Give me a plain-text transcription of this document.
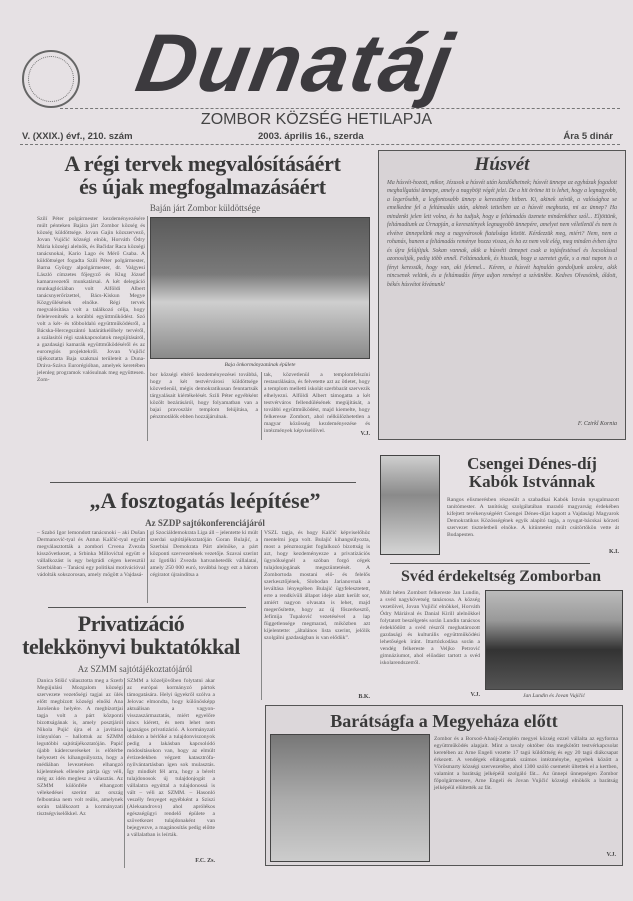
Dunatáj
ZOMBOR KÖZSÉG HETILAPJA
V. (XXIX.) évf., 210. szám	2003. április 16., szerda	Ára 5 dinár
A régi tervek megvalósításáért
és újak megfogalmazásáért
Baján járt Zombor küldöttsége
Szilí Péter polgármester kezdeményezésére múlt pénteken Bajára járt Zombor község és község küldöttsége. Jovan Gajin közszervező, Jovan Vujičić községi elnök, Horváth Ódry Mária községi alelnök, és Bačidar Raca községi tanácsnokai, Kario Lago és Mérő Csaba. A küldöttséget fogadta Szili Péter polgármester, Barna György alpolgármester, dr. Valgyesi László címzetes főjegyző és Klug József kamaravezetői munkatársai. A két delegáció munkaglóciában volt Alföldi Albert tanácsnyerőrizettel, Bács-Kiskun Megye Közgyűlésének elnöke. Régi tervek megvalósítása volt a találkozó célja, hogy felelevenítsék a korábbi együttműködést. Szó volt a két- és többoldalú együttműködésről, a Bácska-Hercegszántó határátkelőhely tervéről, a szálasítói régi szakkapcsolatok megújításáról, a gazdasági kamarák együttműködéséről és az euroregiós projektekről. Jovan Vujičić tájékoztatta Baja szakmai területeit a Duna-Dráva-Száva Eurorégióban, amelyek keretében jelenleg programok valósulnak meg együttesen. Zom-
Baja önkormányzatának épülete
bor községi eltérő kezdeményezései továbbá, hogy a két testvérvárosi küldöttsége közvetlenül, mégis demokratikusan fenntartsák tárgyalásait kiértékelését. Szili Péter egyébként közölt bezárásáról, hogy folyamatban van a bajai pravoszláv templom felújítása, a pénzmotálók ebben hozzájárulnak.
tak, közvetlenül a templomfelszíni restaurálására, és felvetette azt az ötletet, hogy a templom melletti iskolát szerbbarát szervezik elhelyezni. Alföldi Albert támogatta a két testvérváros fellendülésének megújítását, a további együttműködést, majd kiemelte, hogy felkeresse Zombort, ahol nélkülözhetetlen a magyar közösség kezdeményezése és intézmények képviselőivel.	V.J.
Húsvét
Ma húsvét-hozott, mikor, Jézusok a húsvét után kezdődhetnek; húsvét ünnepe az egyházak fogadott meghallgatási ünnepe, amely a nagyböjt végét jelzi. De a hit öröme itt is lehet, hogy a legnagyobb, a legerősebb, a legfontosabb ünnep a keresztény hitben. Ki, akinek szívük, a valósághoz se emelkedne fel a feltámadás után, akinek tetteiben az a húsvét meghozta, mi az ünnep? Ha mindenki jelen lett volna, és ha tudjuk, hogy a feltámadás üzenete mindenkihez szól... Eljöttünk, feltámadtunk az Úrnapján, a keresztények legnagyobb ünnepére, amelyet nem véletlenül és nem is elvétve ünnepelünk meg a nagyvárosok fiatalsága között. Kérdezzük meg, miért? Nem, nem a rohanás, hanem a feltámadás reménye hozza vissza, és ha ez nem volt elég, meg minden évben újra és újra felújítjuk. Sokan vannak, akik a húsvéti ünnepet csak a tojásfestéssel és locsolással azonosítják, pedig több ennél. Feltámadunk, és hisszük, hogy a szeretet győz, s a mai napon is a fényt keressük, hogy van, aki felemel... Kérem, a húsvét hajnalán gondoljunk azokra, akik nincsenek velünk, és a feltámadás fénye adjon reményt a szívünkbe. Kedves Olvasóink, áldott, békés húsvétot kívánunk!
F. Czirkl Kornia
„A fosztogatás leépítése”
Az SZDP sajtókonferenciájáról
– Szabó Igor lemondott tanácsnoki – aki Dušan Dermanović-tyal és Antun Kalčić-tyal együtt megválasztották a zombori Crvena Zvezda kisszövetkezet, a Srbinka Millovićtal együtt e vállalkozást is egy belgrádi cégen keresztül Szerbiában – Tanácsi egy politikai motivációval vádolták sokszorosan, amely mögött a Vajdasá-
gi Szociáldemokrata Liga áll – jelentette ki múlt szerdai sajtótájékoztatóján Goran Bulajić, a Szerbiai Demokrata Párt alelnöke, a párt központi szervezetének vezetője. Szavai szerint az Igotiški Zvezda hatvanhetedik vállalatai, amely 250 000 euró, továbbá hogy ezt a három cégiratot újraindítsa a
VSZL tagja, és hogy Kalčić képviselőhöz mentelmi joga volt. Bulajić kihangsúlyozta, most a pénzmozgást foglalkozó bizottság is azt, hogy kezdeményezze a privatizációs ügynökségnél a szóban forgó cégek tulajdonjogának megszüntetését. A Zombortoda mostani elő- és felelős szerkesztőjének, Slobodan Jarianovnak a leváltása lényegében Bulajić ügyfelesztetett, erre a rendkívüli állapot ideje alatt került sor, amiért nagyon olvasata is lehet, majd megerősítette, hogy az új főszerkesztő, Jefimija Tupalović vezetésével a lap függetlensége megmarad, miközben azt kijelentette: „általános lista szerint, jelölik szolgálni gazdaságban is van elődük”.
B.K.
Privatizáció
telekkönyvi buktatókkal
Az SZMM sajtótájékoztatójáról
Danica Stišić választotta meg a Szerb Megújulási Mozgalom községi szervezete vezetőségi tagjai az ülés előtt megbízott községi elnöki Ana Jarošenko helyére. A megbízottjai tagja volt a párt központi bizottságának is, amely posztjáról Nikola Pujić újra el a javításra irányulóan – hallottuk az SZMM legutóbbi sajtótájékoztatóján. Papić újabb kádercseréseket is előtérbe helyezett és kihangsúlyozta, hogy a médiában levezetésen elhangzó kijelentések ellenére pártja úgy véli, még az idén meglesz a választás. Az SZMM különféle elhangzott vélekedései szerint az ország felbontása nem volt reális, amelynek során találkozott a kormányzati tisztségviselőkkel. Az
SZMM a közeljövőben folytatni akar az európai kormányzó pártok támogatására. Helyi ügyekről szólva a Jelovac elmondta, hogy különösképp aktuálisan a vagyon-visszaszármaztatás, miért egyelőre nincs kiérett, és nem lehet nem igazságos privatizáció. A kormányzati oldalon a bérlőké a tulajdonviszonyok pedig a lakásban kapcsolódó módosításokon van, hogy az elmúlt évtizedekben végzett katasztrófa-nyilvántartásban igen sok mulasztás. Így mindkét fél arra, hogy a bérelt tulajdonosok új tulajdonjogát a vállalatra egyúttal a tulajdonossá is vált – véli az SZMM. – Hasonló veszély fenyeget egyébként a Sziszi (Aleksandrovo) ahol aprólékos egészségügyi rendelő épülete a szövetkezet tulajdonaként van bejegyezve, a magánosítás pedig előtte a vállalatban is leírták.
F.C. Zs.
Csengei Dénes-díj
Kabók Istvánnak
Rangos elismerésben részesült a szabadkai Kabók István nyugalmazott tanítómester. A tanítóság szolgálatában maradó magyarság érdekében kifejtett tevékenységéért Csengei Dénes-díjat kapott a Vajdasági Magyarok Demokratikus Közösségének egyik alapító tagja, a nyugat-bácskai körzeti szervezet tiszteletbeli elnöke. A kitüntetést múlt csütörtökön vette át Budapesten.
K.I.
Svéd érdekeltség Zomborban
Múlt héten Zombort felkereste Jan Lundin, a svéd nagykövetség tanácsosa. A község vezetőivel, Jovan Vujičić elnökkel, Horváth Ódry Máriával és Danial Kirill alelnökkel folytatott beszélgetés során Lundin tanácsos érdeklődött a svéd részről meghatározott gazdasági és kulturális együttműködési lehetőségek iránt. Ittartózkodása során a vendég felkereste a Veljko Petrović gimnáziumot, ahol előadást tartott a svéd iskolarendszerről.
V.J.	Jan Lundin és Jovan Vujičić
Barátságfa a Megyeháza előtt
Zombor és a Borsod-Abaúj-Zemplén megyei község ezzel vállalta az egyforma együttműködés alapjait. Mint a tavaly október óta megkötött testvérkapcsolat keretében az Arne Engeli vezette 17 tagú küldöttség és egy 20 tagú diákcsapat érkezett. A vendégek ellátogattak számos intézménybe, egyebek között a Vörösmarty községi szervezetébe, ahol 1300 szóló csemetét ültettek el a kertben, valamint a barátság jelképéül szolgáló fát... Az ünnepi ünnepségen Zombor főpolgármestere, Arne Engeli és Jovan Vujičić községi elnökök a barátság jelképéül elültették az fát.
V.J.
